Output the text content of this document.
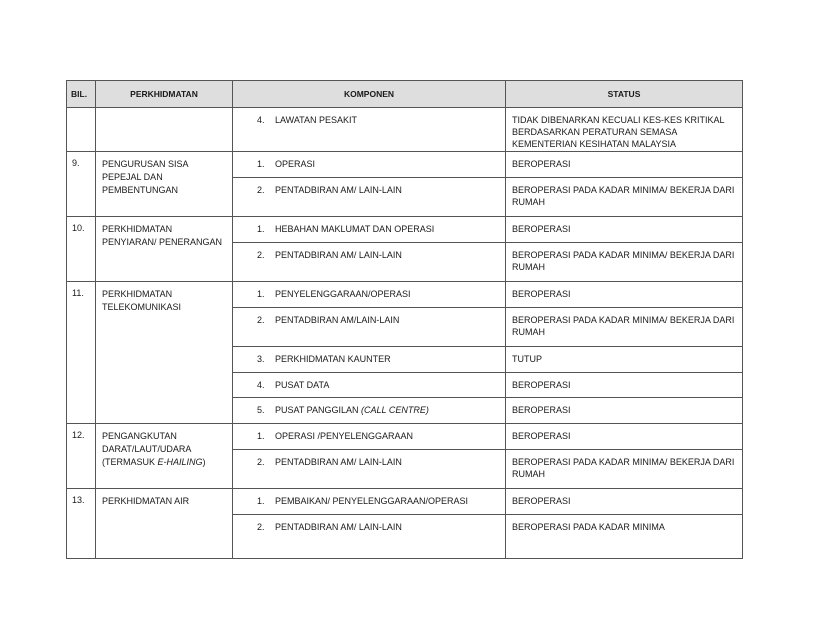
BIL.	PERKHIDMATAN	KOMPONEN	STATUS

		4. LAWATAN PESAKIT	TIDAK DIBENARKAN KECUALI KES-KES KRITIKAL BERDASARKAN PERATURAN SEMASA KEMENTERIAN KESIHATAN MALAYSIA

9.	PENGURUSAN SISA PEPEJAL DAN PEMBENTUNGAN	1. OPERASI	BEROPERASI

		2. PENTADBIRAN AM/ LAIN-LAIN	BEROPERASI PADA KADAR MINIMA/ BEKERJA DARI RUMAH

10.	PERKHIDMATAN PENYIARAN/ PENERANGAN	1. HEBAHAN MAKLUMAT DAN OPERASI	BEROPERASI

		2. PENTADBIRAN AM/ LAIN-LAIN	BEROPERASI PADA KADAR MINIMA/ BEKERJA DARI RUMAH

11.	PERKHIDMATAN TELEKOMUNIKASI	1. PENYELENGGARAAN/OPERASI	BEROPERASI

		2. PENTADBIRAN AM/LAIN-LAIN	BEROPERASI PADA KADAR MINIMA/ BEKERJA DARI RUMAH

		3. PERKHIDMATAN KAUNTER	TUTUP

		4. PUSAT DATA	BEROPERASI

		5. PUSAT PANGGILAN (CALL CENTRE)	BEROPERASI

12.	PENGANGKUTAN DARAT/LAUT/UDARA (TERMASUK E-HAILING)	1. OPERASI /PENYELENGGARAAN	BEROPERASI

		2. PENTADBIRAN AM/ LAIN-LAIN	BEROPERASI PADA KADAR MINIMA/ BEKERJA DARI RUMAH

13.	PERKHIDMATAN AIR	1. PEMBAIKAN/ PENYELENGGARAAN/OPERASI	BEROPERASI

		2. PENTADBIRAN AM/ LAIN-LAIN	BEROPERASI PADA KADAR MINIMA
